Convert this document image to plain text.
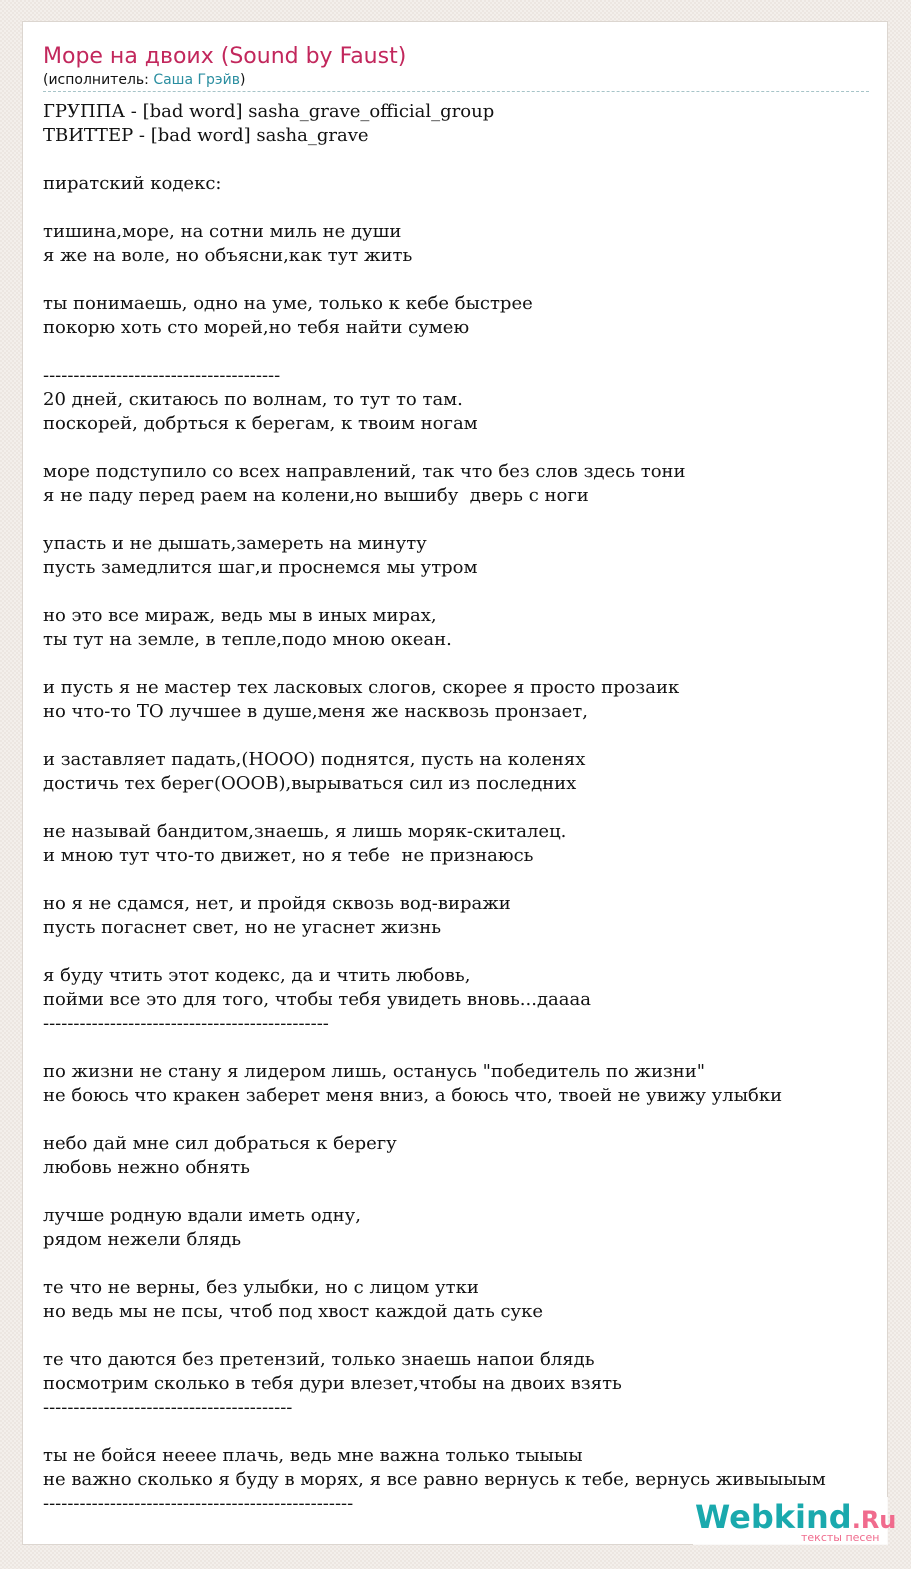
Море на двоих (Sound by Faust)
(исполнитель: Саша Грэйв)
ГРУППА - [bad word] sasha_grave_official_group
ТВИТТЕР - [bad word] sasha_grave

пиратский кодекс:

тишина,море, на сотни миль не души
я же на воле, но объясни,как тут жить

ты понимаешь, одно на уме, только к кебе быстрее
покорю хоть сто морей,но тебя найти сумею

---------------------------------------
20 дней, скитаюсь по волнам, то тут то там.
поскорей, добрться к берегам, к твоим ногам

море подступило со всех направлений, так что без слов здесь тони
я не паду перед раем на колени,но вышибу  дверь с ноги

упасть и не дышать,замереть на минуту
пусть замедлится шаг,и проснемся мы утром

но это все мираж, ведь мы в иных мирах,
ты тут на земле, в тепле,подо мною океан.

и пусть я не мастер тех ласковых слогов, скорее я просто прозаик
но что-то ТО лучшее в душе,меня же насквозь пронзает,

и заставляет падать,(НООО) поднятся, пусть на коленях
достичь тех берег(ОООВ),вырываться сил из последних

не называй бандитом,знаешь, я лишь моряк-скиталец.
и мною тут что-то движет, но я тебе  не признаюсь

но я не сдамся, нет, и пройдя сквозь вод-виражи
пусть погаснет свет, но не угаснет жизнь

я буду чтить этот кодекс, да и чтить любовь,
пойми все это для того, чтобы тебя увидеть вновь...даааа
-----------------------------------------------

по жизни не стану я лидером лишь, останусь "победитель по жизни"
не боюсь что кракен заберет меня вниз, а боюсь что, твоей не увижу улыбки

небо дай мне сил добраться к берегу
любовь нежно обнять

лучше родную вдали иметь одну,
рядом нежели блядь

те что не верны, без улыбки, но с лицом утки
но ведь мы не псы, чтоб под хвост каждой дать суке

те что даются без претензий, только знаешь напои блядь
посмотрим сколько в тебя дури влезет,чтобы на двоих взять
-----------------------------------------

ты не бойся нееее плачь, ведь мне важна только тыыыы
не важно сколько я буду в морях, я все равно вернусь к тебе, вернусь живыыыым
---------------------------------------------------	Webkind.Ru
тексты песен
